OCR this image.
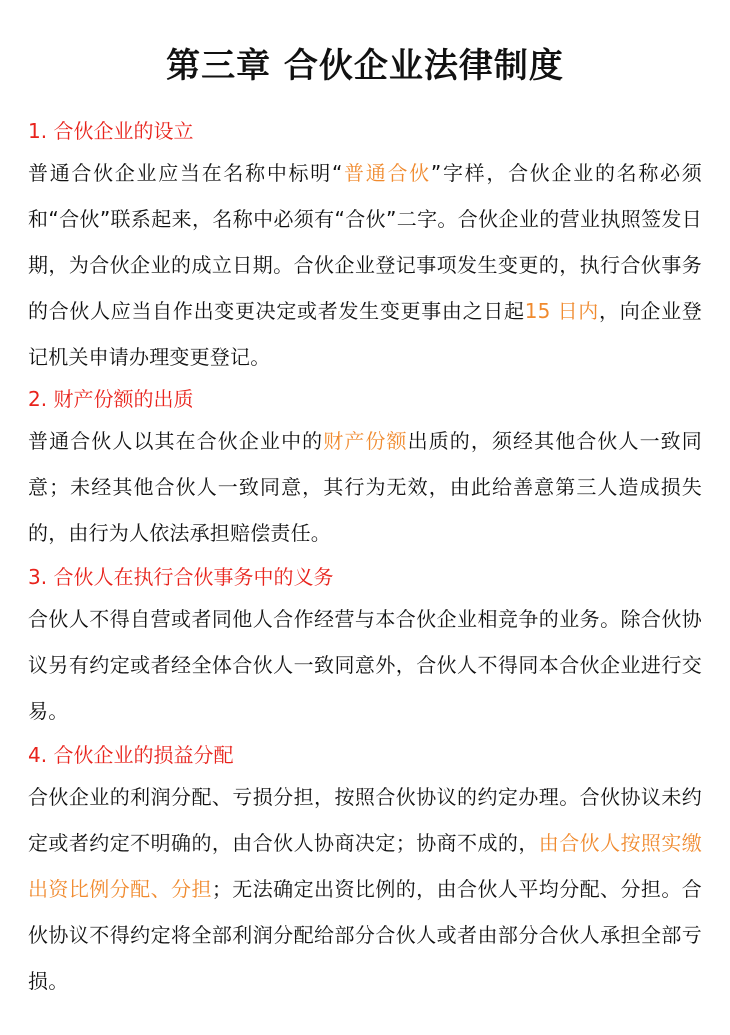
第三章 合伙企业法律制度
1. 合伙企业的设立

普通合伙企业应当在名称中标明“普通合伙”字样，合伙企业的名称必须和“合伙”联系起来，名称中必须有“合伙”二字。合伙企业的营业执照签发日期，为合伙企业的成立日期。合伙企业登记事项发生变更的，执行合伙事务的合伙人应当自作出变更决定或者发生变更事由之日起15 日内，向企业登记机关申请办理变更登记。

2. 财产份额的出质

普通合伙人以其在合伙企业中的财产份额出质的，须经其他合伙人一致同意；未经其他合伙人一致同意，其行为无效，由此给善意第三人造成损失的，由行为人依法承担赔偿责任。

3. 合伙人在执行合伙事务中的义务

合伙人不得自营或者同他人合作经营与本合伙企业相竞争的业务。除合伙协议另有约定或者经全体合伙人一致同意外，合伙人不得同本合伙企业进行交易。

4. 合伙企业的损益分配

合伙企业的利润分配、亏损分担，按照合伙协议的约定办理。合伙协议未约定或者约定不明确的，由合伙人协商决定；协商不成的，由合伙人按照实缴出资比例分配、分担；无法确定出资比例的，由合伙人平均分配、分担。合伙协议不得约定将全部利润分配给部分合伙人或者由部分合伙人承担全部亏损。
